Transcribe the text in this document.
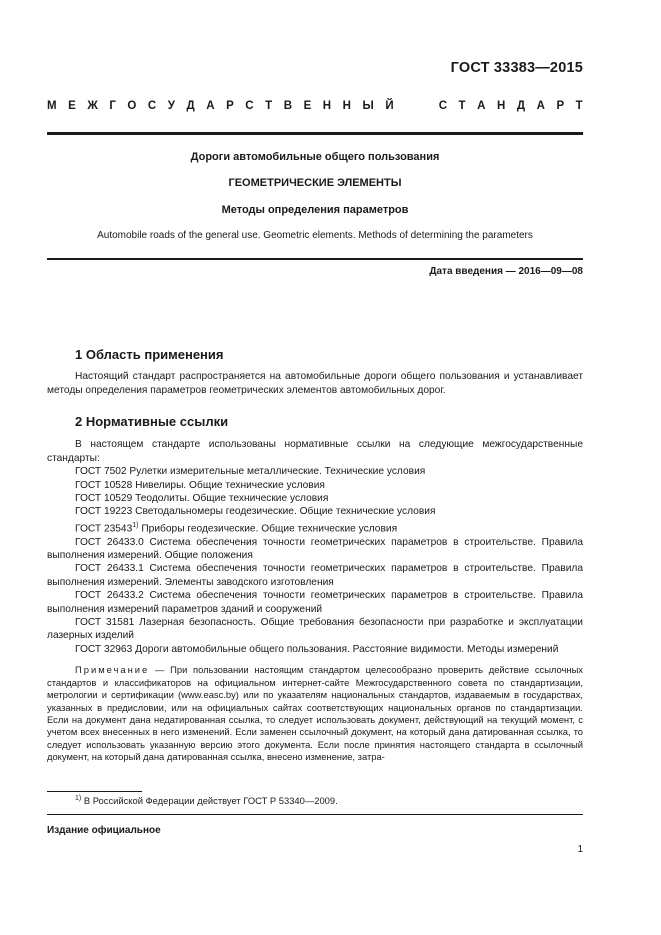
ГОСТ 33383—2015
М Е Ж Г О С У Д А Р С Т В Е Н Н Ы Й	С Т А Н Д А Р Т
Дороги автомобильные общего пользования
ГЕОМЕТРИЧЕСКИЕ ЭЛЕМЕНТЫ
Методы определения параметров
Automobile roads of the general use. Geometric elements. Methods of determining the parameters
Дата введения — 2016—09—08
1 Область применения

Настоящий стандарт распространяется на автомобильные дороги общего пользования и устанавливает методы определения параметров геометрических элементов автомобильных дорог.

2 Нормативные ссылки

В настоящем стандарте использованы нормативные ссылки на следующие межгосударственные стандарты:

ГОСТ 7502 Рулетки измерительные металлические. Технические условия

ГОСТ 10528 Нивелиры. Общие технические условия

ГОСТ 10529 Теодолиты. Общие технические условия

ГОСТ 19223 Светодальномеры геодезические. Общие технические условия

ГОСТ 23543$^{1)}$ Приборы геодезические. Общие технические условия

ГОСТ 26433.0 Система обеспечения точности геометрических параметров в строительстве. Правила выполнения измерений. Общие положения

ГОСТ 26433.1 Система обеспечения точности геометрических параметров в строительстве. Правила выполнения измерений. Элементы заводского изготовления

ГОСТ 26433.2 Система обеспечения точности геометрических параметров в строительстве. Правила выполнения измерений параметров зданий и сооружений

ГОСТ 31581 Лазерная безопасность. Общие требования безопасности при разработке и эксплуатации лазерных изделий

ГОСТ 32963 Дороги автомобильные общего пользования. Расстояние видимости. Методы измерений

Примечание — При пользовании настоящим стандартом целесообразно проверить действие ссылочных стандартов и классификаторов на официальном интернет-сайте Межгосударственного совета по стандартизации, метрологии и сертификации (www.easc.by) или по указателям национальных стандартов, издаваемым в государствах, указанных в предисловии, или на официальных сайтах соответствующих национальных органов по стандартизации. Если на документ дана недатированная ссылка, то следует использовать документ, действующий на текущий момент, с учетом всех внесенных в него изменений. Если заменен ссылочный документ, на который дана датированная ссылка, то следует использовать указанную версию этого документа. Если после принятия настоящего стандарта в ссылочный документ, на который дана датированная ссылка, внесено изменение, затра-

$^{1)}$ В Российской Федерации действует ГОСТ Р 53340—2009.
Издание официальное
1
